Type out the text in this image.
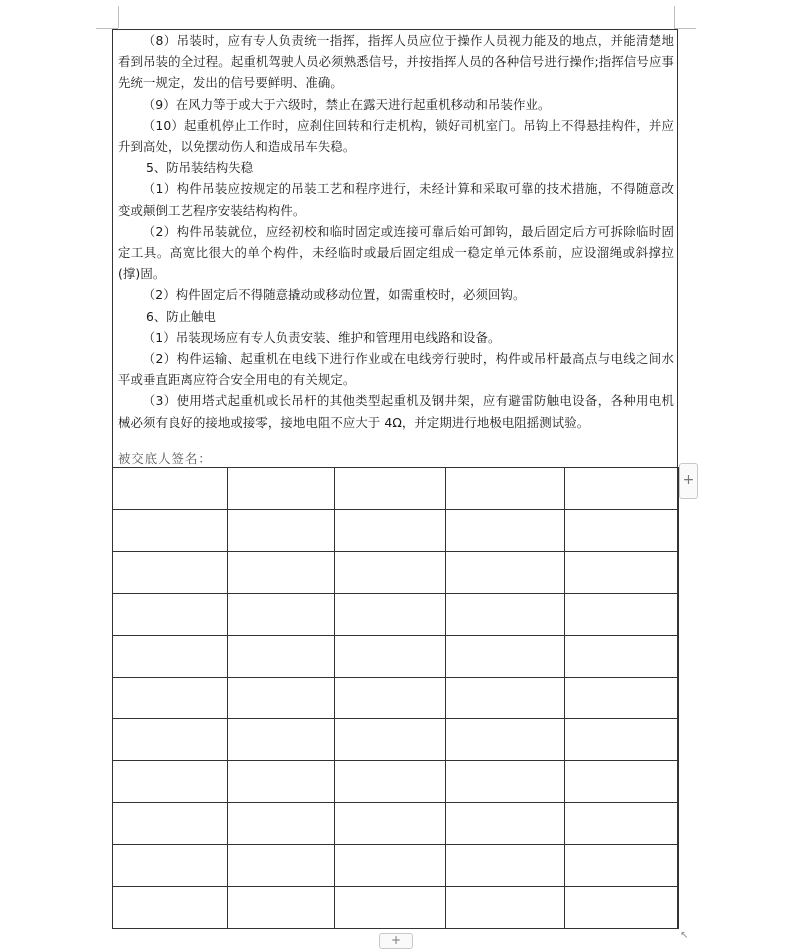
（8）吊装时，应有专人负责统一指挥，指挥人员应位于操作人员视力能及的地点，并能清楚地看到吊装的全过程。起重机驾驶人员必须熟悉信号，并按指挥人员的各种信号进行操作;指挥信号应事先统一规定，发出的信号要鲜明、准确。

（9）在风力等于或大于六级时，禁止在露天进行起重机移动和吊装作业。

（10）起重机停止工作时，应刹住回转和行走机构，锁好司机室门。吊钩上不得悬挂构件，并应升到高处，以免摆动伤人和造成吊车失稳。

5、防吊装结构失稳

（1）构件吊装应按规定的吊装工艺和程序进行，未经计算和采取可靠的技术措施，不得随意改变或颠倒工艺程序安装结构构件。

（2）构件吊装就位，应经初校和临时固定或连接可靠后始可卸钩，最后固定后方可拆除临时固定工具。高宽比很大的单个构件，未经临时或最后固定组成一稳定单元体系前，应设溜绳或斜撑拉(撑)固。

（2）构件固定后不得随意撬动或移动位置，如需重校时，必须回钩。

6、防止触电

（1）吊装现场应有专人负责安装、维护和管理用电线路和设备。

（2）构件运输、起重机在电线下进行作业或在电线旁行驶时，构件或吊杆最高点与电线之间水平或垂直距离应符合安全用电的有关规定。

（3）使用塔式起重机或长吊杆的其他类型起重机及钢井架，应有避雷防触电设备，各种用电机械必须有良好的接地或接零，接地电阻不应大于 4Ω，并定期进行地极电阻摇测试验。

被交底人签名：

+
+	↖
